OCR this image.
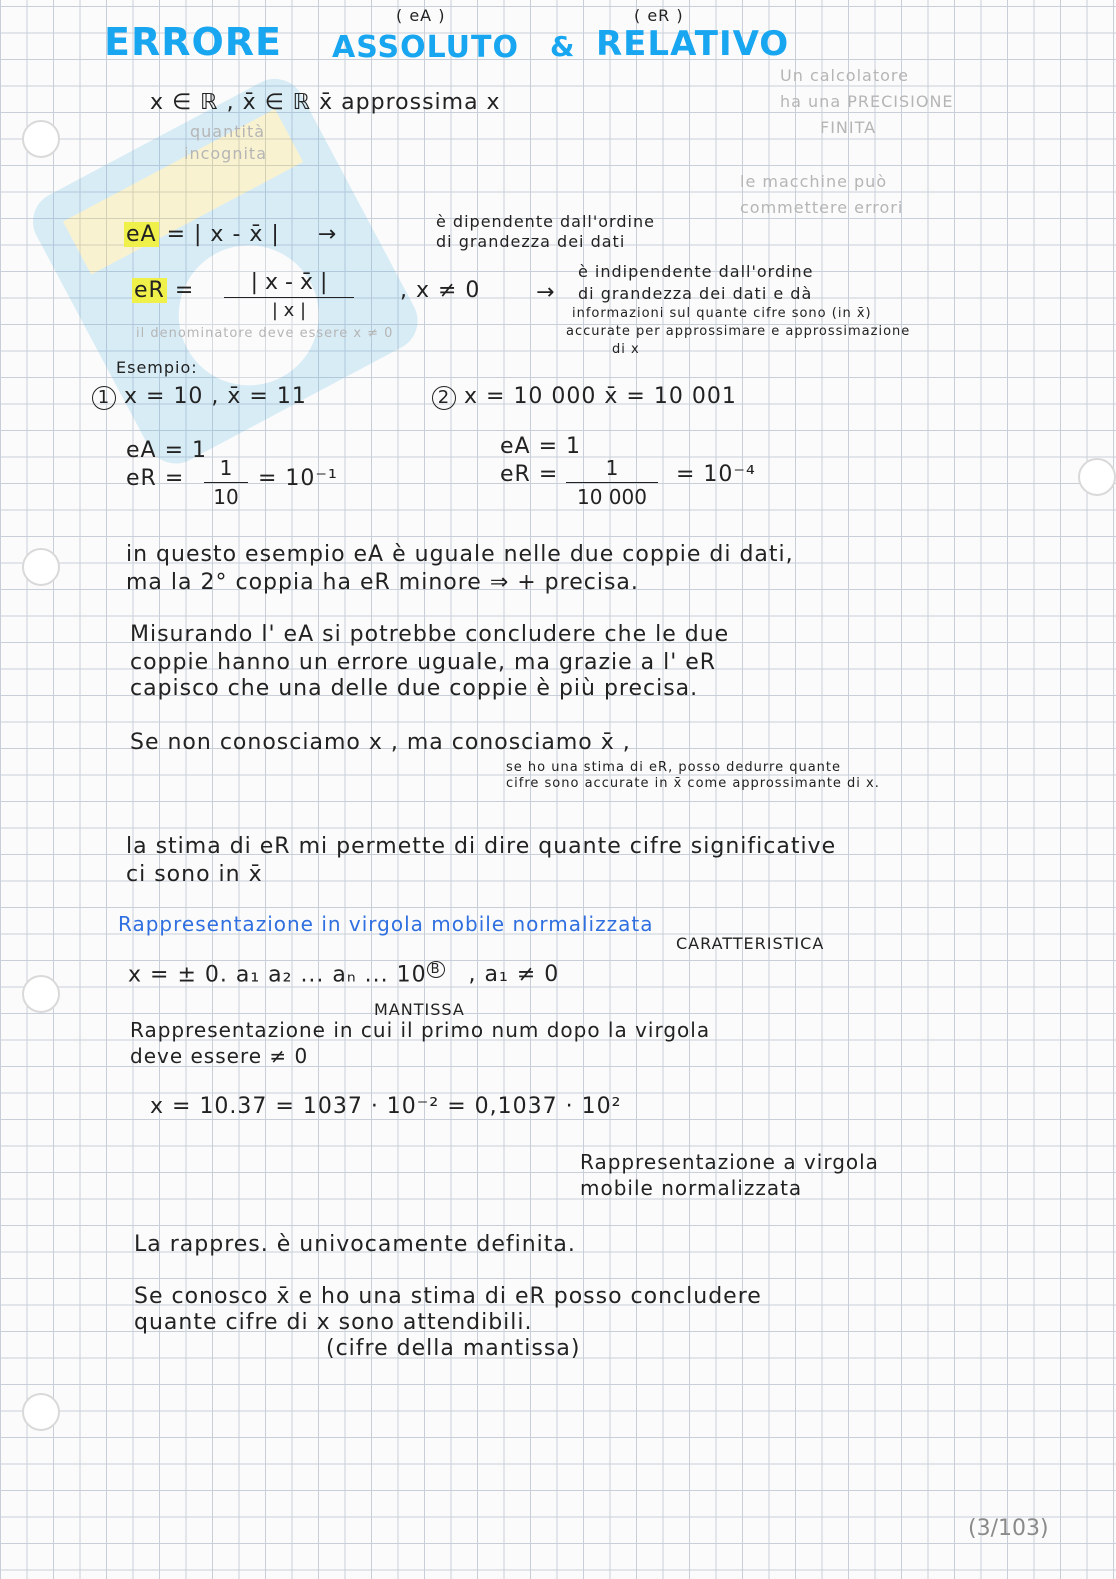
ERRORE ASSOLUTO & RELATIVO
( eA )	( eR )
Un calcolatore
ha una PRECISIONE
FINITA
le macchine può
commettere errori
x ∈ ℝ , x̄ ∈ ℝ x̄ approssima x
quantità
incognita
eA = | x - x̄ | →
è dipendente dall'ordine
di grandezza dei dati
eR =	| x - x̄ |
| x |
, x ≠ 0	→
è indipendente dall'ordine
di grandezza dei dati e dà
informazioni sul quante cifre sono (in x̄)
accurate per approssimare e approssimazione
di x
il denominatore deve essere x ≠ 0
Esempio:
1 x = 10 , x̄ = 11
eA = 1
eR =	1
10
= 10⁻¹
2 x = 10 000 x̄ = 10 001
eA = 1
eR =	1
10 000
= 10⁻⁴
in questo esempio eA è uguale nelle due coppie di dati,
ma la 2° coppia ha eR minore ⇒ + precisa.
Misurando l' eA si potrebbe concludere che le due
coppie hanno un errore uguale, ma grazie a l' eR
capisco che una delle due coppie è più precisa.
Se non conosciamo x , ma conosciamo x̄ ,
se ho una stima di eR, posso dedurre quante
cifre sono accurate in x̄ come approssimante di x.
la stima di eR mi permette di dire quante cifre significative
ci sono in x̄
Rappresentazione in virgola mobile normalizzata
CARATTERISTICA
x = ± 0. a₁ a₂ ... aₙ ... 10 $^B$ , a₁ ≠ 0
MANTISSA
Rappresentazione in cui il primo num dopo la virgola
deve essere ≠ 0
x = 10.37 = 1037 · 10⁻² = 0,1037 · 10²
Rappresentazione a virgola
mobile normalizzata
La rappres. è univocamente definita.
Se conosco x̄ e ho una stima di eR posso concludere
quante cifre di x sono attendibili.
(cifre della mantissa)
(3/103)
